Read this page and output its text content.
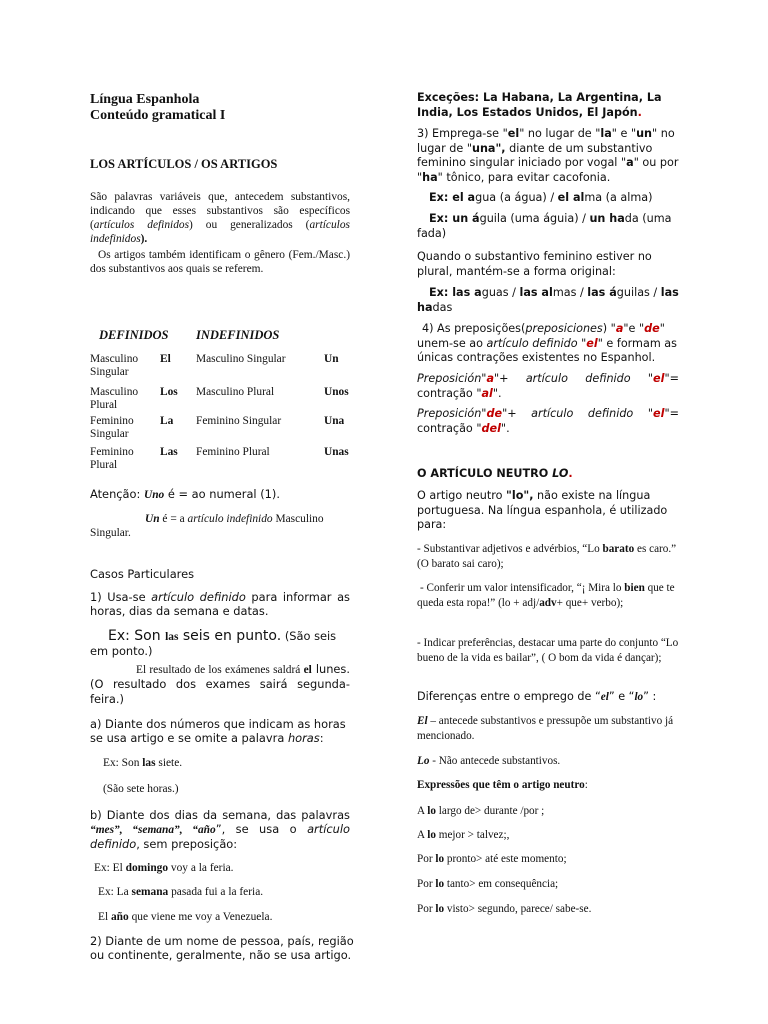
Língua Espanhola
Conteúdo gramatical I
LOS ARTÍCULOS / OS ARTIGOS

São palavras variáveis que, antecedem substantivos, indicando que esses substantivos são específicos (artículos definidos) ou generalizados (artículos indefinidos).

Os artigos também identificam o gênero (Fem./Masc.) dos substantivos aos quais se referem.

DEFINIDOS INDEFINIDOS
Masculino Singular	El	Masculino Singular	Un
Masculino Plural	Los	Masculino Plural	Unos
Feminino Singular	La	Feminino Singular	Una
Feminino Plural	Las	Feminino Plural	Unas

Atenção: Uno é = ao numeral (1).

Un é = a artículo indefinido Masculino Singular.

Casos Particulares

1) Usa-se artículo definido para informar as horas, dias da semana e datas.

Ex: Son las seis en punto. (São seis em ponto.)

El resultado de los exámenes saldrá el lunes. (O resultado dos exames sairá segunda-feira.)

a) Diante dos números que indicam as horas se usa artigo e se omite a palavra horas:

Ex: Son las siete.

(São sete horas.)

b) Diante dos dias da semana, das palavras “mes”, “semana”, “año”, se usa o artículo definido, sem preposição:

Ex: El domingo voy a la feria.

Ex: La semana pasada fui a la feria.

El año que viene me voy a Venezuela.

2) Diante de um nome de pessoa, país, região ou continente, geralmente, não se usa artigo.

Exceções: La Habana, La Argentina, La India, Los Estados Unidos, El Japón.

3) Emprega-se "el" no lugar de "la" e "un" no lugar de "una", diante de um substantivo feminino singular iniciado por vogal "a" ou por "ha" tônico, para evitar cacofonia.

Ex: el agua (a água) / el alma (a alma)

Ex: un águila (uma águia) / un hada (uma fada)

Quando o substantivo feminino estiver no plural, mantém-se a forma original:

Ex: las aguas / las almas / las águilas / las hadas

4) As preposições(preposiciones) "a"e "de" unem-se ao artículo definido "el" e formam as únicas contrações existentes no Espanhol.

Preposición"a"+ artículo definido "el"= contração "al".

Preposición"de"+ artículo definido "el"= contração "del".

O ARTÍCULO NEUTRO LO.

O artigo neutro "lo", não existe na língua portuguesa. Na língua espanhola, é utilizado para:

- Substantivar adjetivos e advérbios, “Lo barato es caro.” (O barato sai caro);

- Conferir um valor intensificador, “¡ Mira lo bien que te queda esta ropa!” (lo + adj/adv+ que+ verbo);

- Indicar preferências, destacar uma parte do conjunto “Lo bueno de la vida es bailar”, ( O bom da vida é dançar);

Diferenças entre o emprego de “el” e “lo” :

El – antecede substantivos e pressupõe um substantivo já mencionado.

Lo - Não antecede substantivos.

Expressões que têm o artigo neutro:

A lo largo de> durante /por ;

A lo mejor > talvez;,

Por lo pronto> até este momento;

Por lo tanto> em consequência;

Por lo visto> segundo, parece/ sabe-se.
